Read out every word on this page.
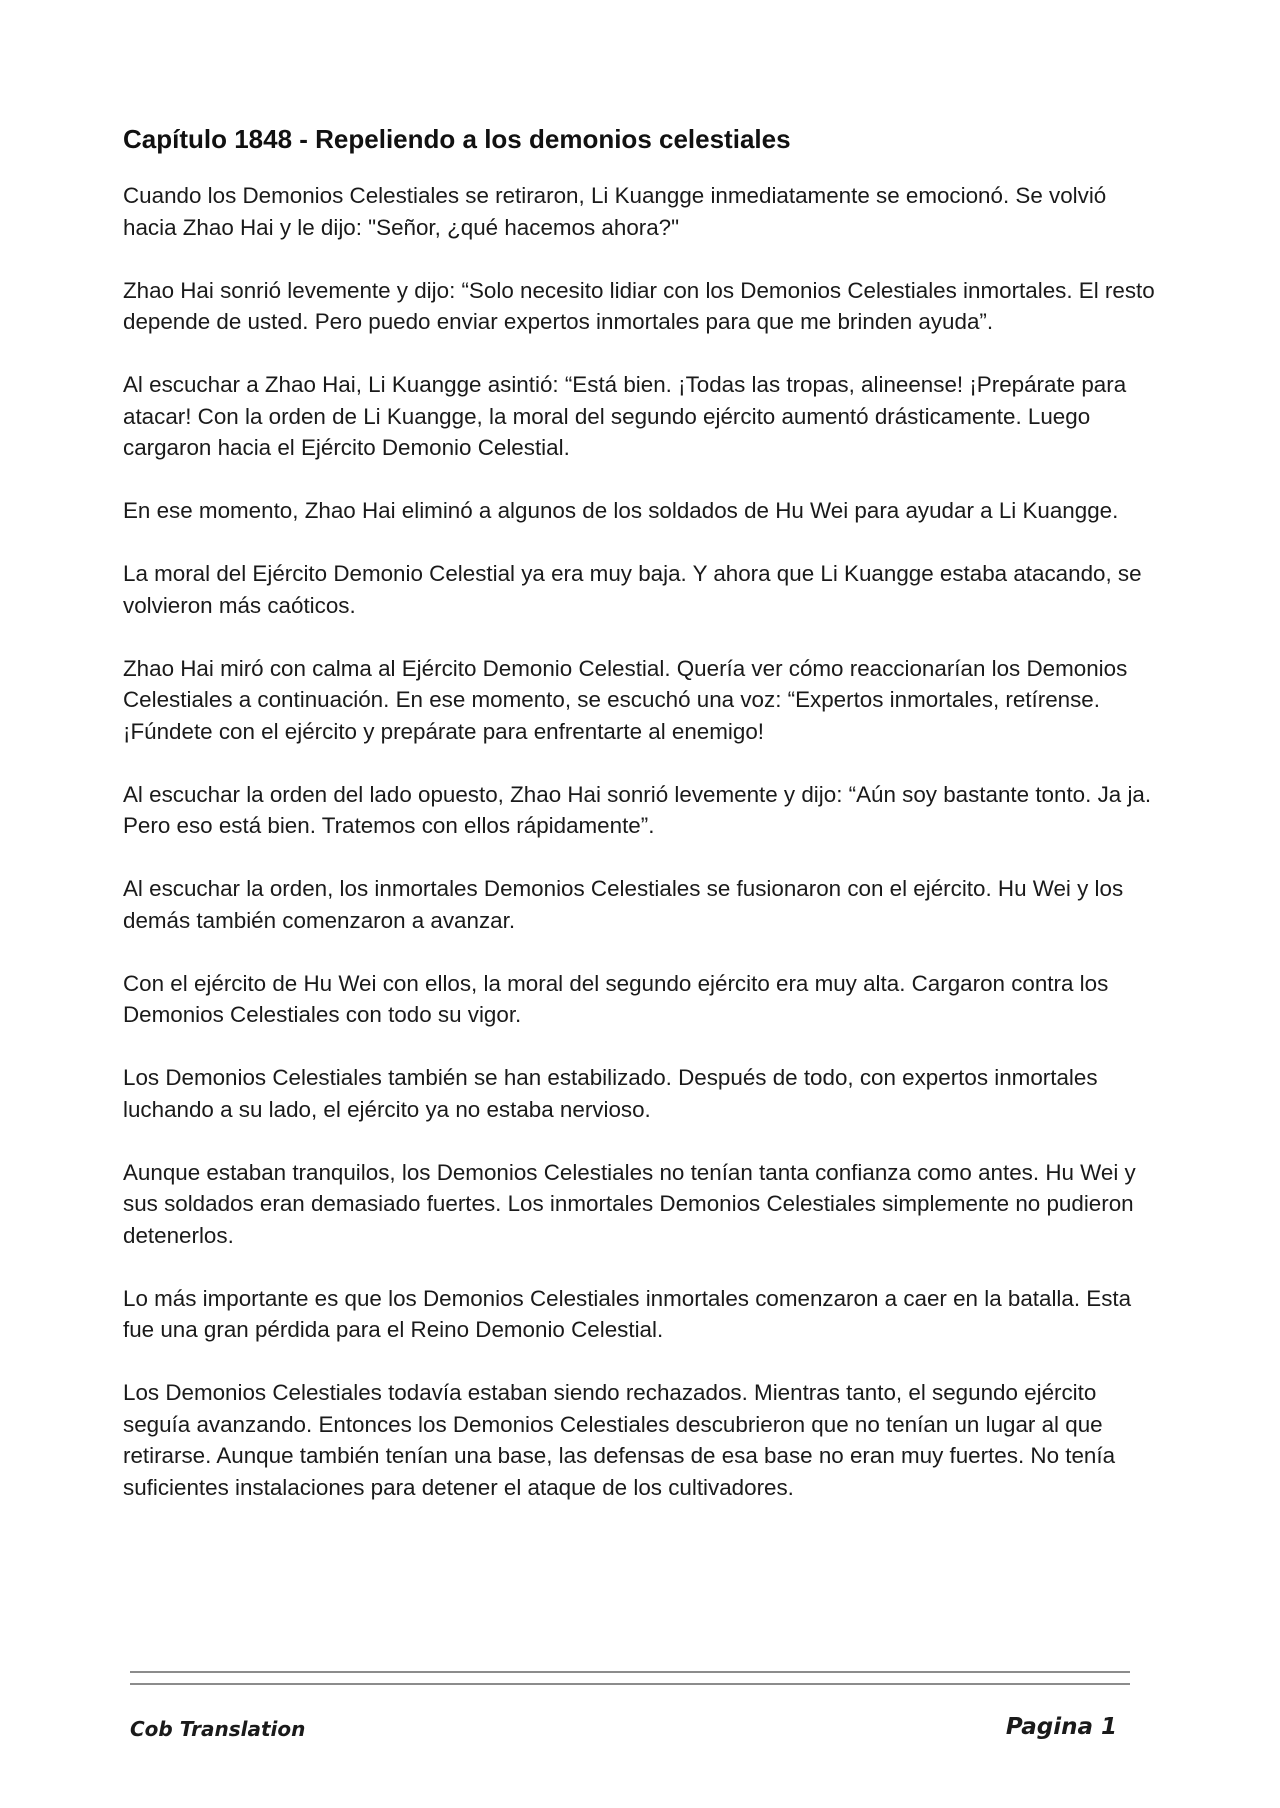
Capítulo 1848 - Repeliendo a los demonios celestiales

Cuando los Demonios Celestiales se retiraron, Li Kuangge inmediatamente se emocionó. Se volvió hacia Zhao Hai y le dijo: "Señor, ¿qué hacemos ahora?"

Zhao Hai sonrió levemente y dijo: “Solo necesito lidiar con los Demonios Celestiales inmortales. El resto depende de usted. Pero puedo enviar expertos inmortales para que me brinden ayuda”.

Al escuchar a Zhao Hai, Li Kuangge asintió: “Está bien. ¡Todas las tropas, alineense! ¡Prepárate para atacar! Con la orden de Li Kuangge, la moral del segundo ejército aumentó drásticamente. Luego cargaron hacia el Ejército Demonio Celestial.

En ese momento, Zhao Hai eliminó a algunos de los soldados de Hu Wei para ayudar a Li Kuangge.

La moral del Ejército Demonio Celestial ya era muy baja. Y ahora que Li Kuangge estaba atacando, se volvieron más caóticos.

Zhao Hai miró con calma al Ejército Demonio Celestial. Quería ver cómo reaccionarían los Demonios Celestiales a continuación. En ese momento, se escuchó una voz: “Expertos inmortales, retírense. ¡Fúndete con el ejército y prepárate para enfrentarte al enemigo!

Al escuchar la orden del lado opuesto, Zhao Hai sonrió levemente y dijo: “Aún soy bastante tonto. Ja ja. Pero eso está bien. Tratemos con ellos rápidamente”.

Al escuchar la orden, los inmortales Demonios Celestiales se fusionaron con el ejército. Hu Wei y los demás también comenzaron a avanzar.

Con el ejército de Hu Wei con ellos, la moral del segundo ejército era muy alta. Cargaron contra los Demonios Celestiales con todo su vigor.

Los Demonios Celestiales también se han estabilizado. Después de todo, con expertos inmortales luchando a su lado, el ejército ya no estaba nervioso.

Aunque estaban tranquilos, los Demonios Celestiales no tenían tanta confianza como antes. Hu Wei y sus soldados eran demasiado fuertes. Los inmortales Demonios Celestiales simplemente no pudieron detenerlos.

Lo más importante es que los Demonios Celestiales inmortales comenzaron a caer en la batalla. Esta fue una gran pérdida para el Reino Demonio Celestial.

Los Demonios Celestiales todavía estaban siendo rechazados. Mientras tanto, el segundo ejército seguía avanzando. Entonces los Demonios Celestiales descubrieron que no tenían un lugar al que retirarse. Aunque también tenían una base, las defensas de esa base no eran muy fuertes. No tenía suficientes instalaciones para detener el ataque de los cultivadores.

Cob Translation	Pagina 1
